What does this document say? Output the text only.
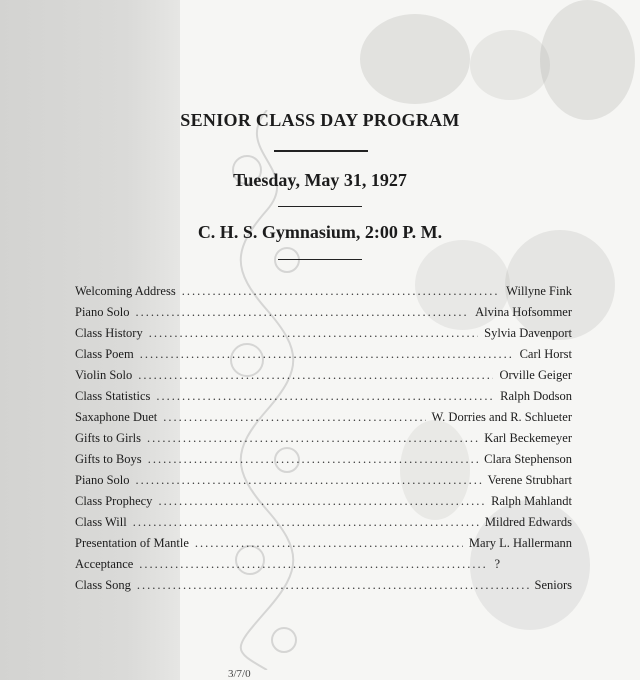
SENIOR CLASS DAY PROGRAM
Tuesday, May 31, 1927
C. H. S. Gymnasium, 2:00 P. M.
Welcoming Address .....	Willyne Fink
Piano Solo .....	Alvina Hofsommer
Class History .....	Sylvia Davenport
Class Poem .....	Carl Horst
Violin Solo .....	Orville Geiger
Class Statistics .....	Ralph Dodson
Saxaphone Duet .....	W. Dorries and R. Schlueter
Gifts to Girls .....	Karl Beckemeyer
Gifts to Boys .....	Clara Stephenson
Piano Solo .....	Verene Strubhart
Class Prophecy .....	Ralph Mahlandt
Class Will .....	Mildred Edwards
Presentation of Mantle .....	Mary L. Hallermann
Acceptance .....	?
Class Song .....	Seniors
3/7/0
